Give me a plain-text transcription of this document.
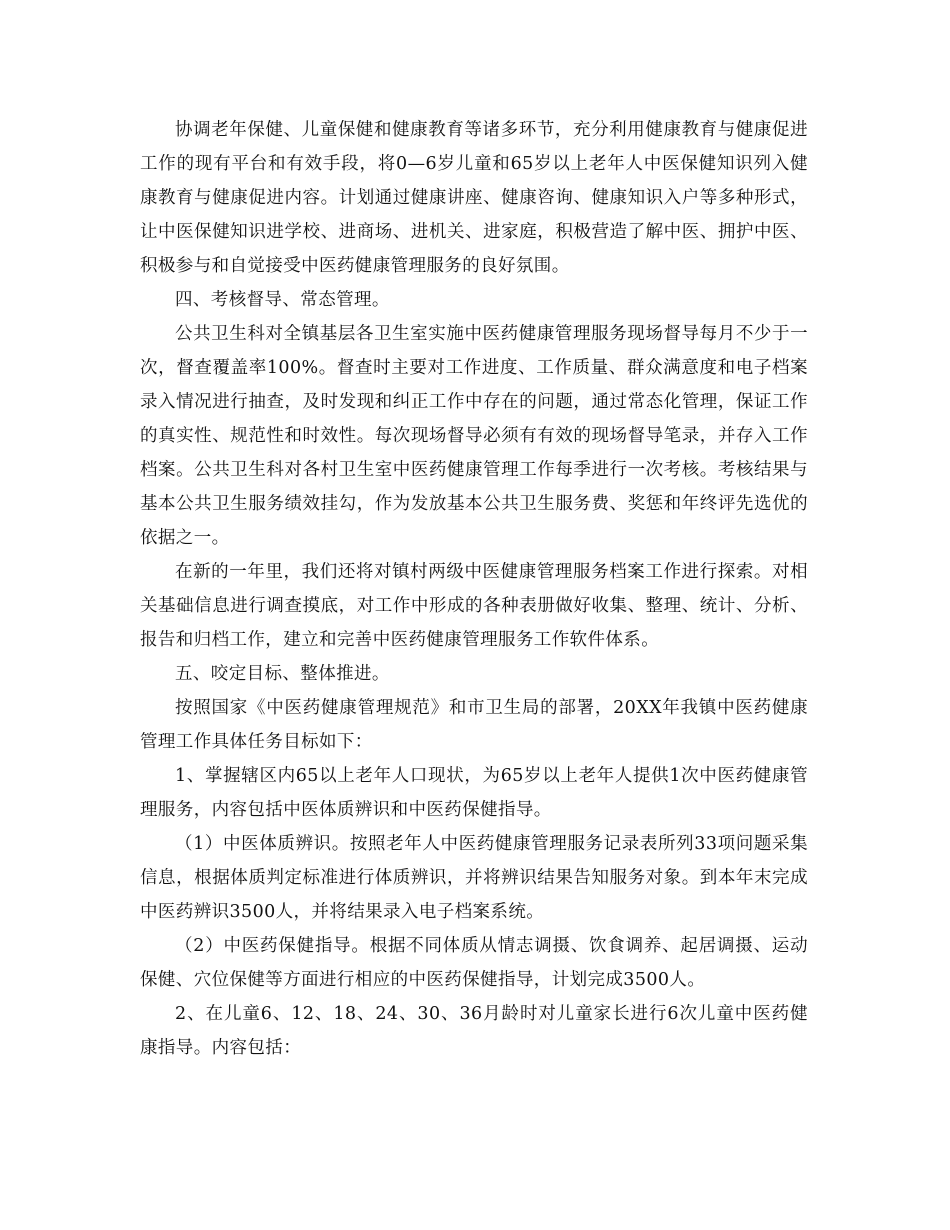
协调老年保健、儿童保健和健康教育等诸多环节，充分利用健康教育与健康促进工作的现有平台和有效手段，将0—6岁儿童和65岁以上老年人中医保健知识列入健康教育与健康促进内容。计划通过健康讲座、健康咨询、健康知识入户等多种形式，让中医保健知识进学校、进商场、进机关、进家庭，积极营造了解中医、拥护中医、积极参与和自觉接受中医药健康管理服务的良好氛围。

四、考核督导、常态管理。

公共卫生科对全镇基层各卫生室实施中医药健康管理服务现场督导每月不少于一次，督查覆盖率100%。督查时主要对工作进度、工作质量、群众满意度和电子档案录入情况进行抽查，及时发现和纠正工作中存在的问题，通过常态化管理，保证工作的真实性、规范性和时效性。每次现场督导必须有有效的现场督导笔录，并存入工作档案。公共卫生科对各村卫生室中医药健康管理工作每季进行一次考核。考核结果与基本公共卫生服务绩效挂勾，作为发放基本公共卫生服务费、奖惩和年终评先选优的依据之一。

在新的一年里，我们还将对镇村两级中医健康管理服务档案工作进行探索。对相关基础信息进行调查摸底，对工作中形成的各种表册做好收集、整理、统计、分析、报告和归档工作，建立和完善中医药健康管理服务工作软件体系。

五、咬定目标、整体推进。

按照国家《中医药健康管理规范》和市卫生局的部署，20XX年我镇中医药健康管理工作具体任务目标如下：

1、掌握辖区内65以上老年人口现状，为65岁以上老年人提供1次中医药健康管理服务，内容包括中医体质辨识和中医药保健指导。

（1）中医体质辨识。按照老年人中医药健康管理服务记录表所列33项问题采集信息，根据体质判定标准进行体质辨识，并将辨识结果告知服务对象。到本年末完成中医药辨识3500人，并将结果录入电子档案系统。

（2）中医药保健指导。根据不同体质从情志调摄、饮食调养、起居调摄、运动保健、穴位保健等方面进行相应的中医药保健指导，计划完成3500人。

2、在儿童6、12、18、24、30、36月龄时对儿童家长进行6次儿童中医药健康指导。内容包括：
